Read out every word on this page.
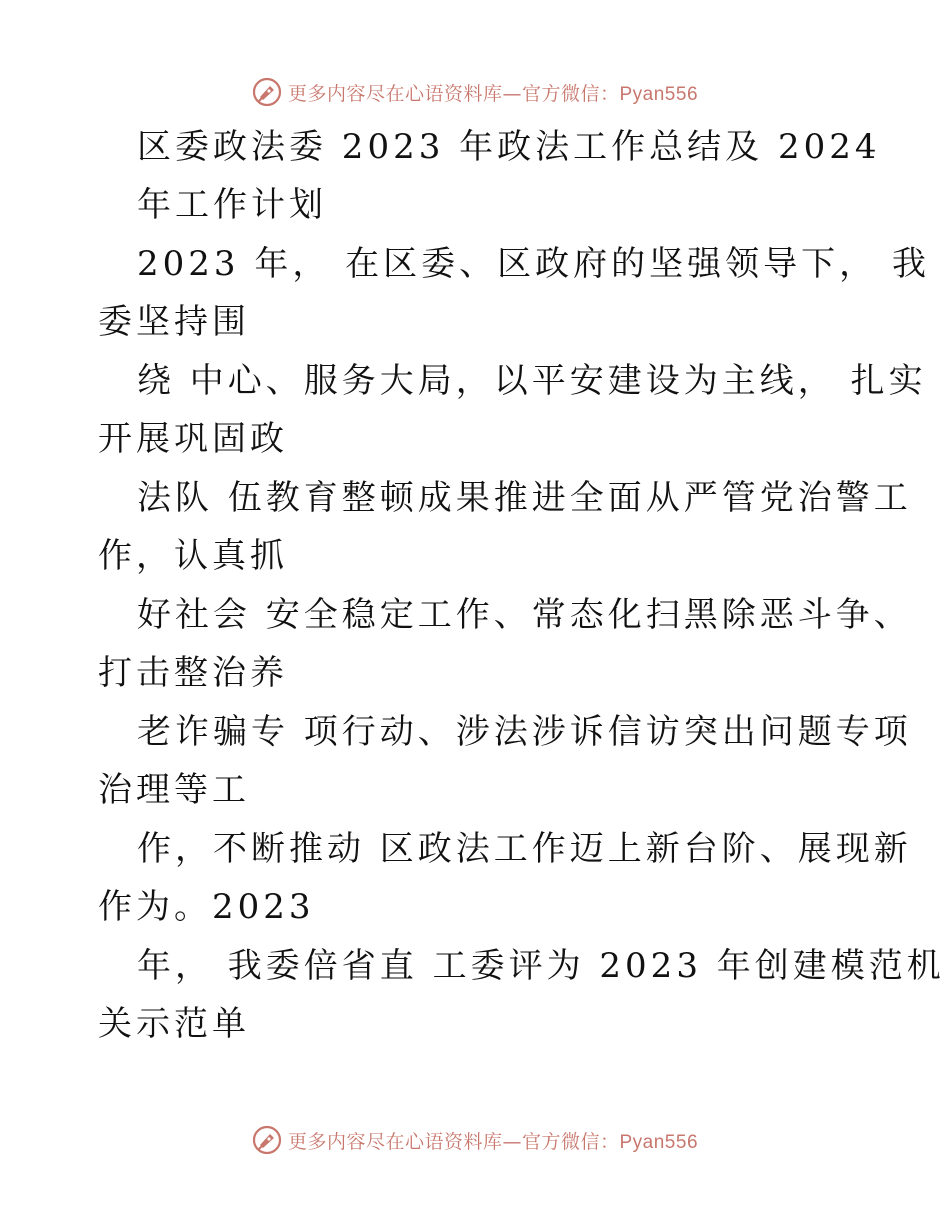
更多内容尽在心语资料库—官方微信：Pyan556
区委政法委 2023 年政法工作总结及 2024
年工作计划
2023 年， 在区委、区政府的坚强领导下， 我
委坚持围
绕 中心、服务大局，以平安建设为主线， 扎实
开展巩固政
法队 伍教育整顿成果推进全面从严管党治警工
作，认真抓
好社会 安全稳定工作、常态化扫黑除恶斗争、
打击整治养
老诈骗专 项行动、涉法涉诉信访突出问题专项
治理等工
作，不断推动 区政法工作迈上新台阶、展现新
作为。2023
年， 我委倍省直 工委评为 2023 年创建模范机
关示范单
更多内容尽在心语资料库—官方微信：Pyan556
